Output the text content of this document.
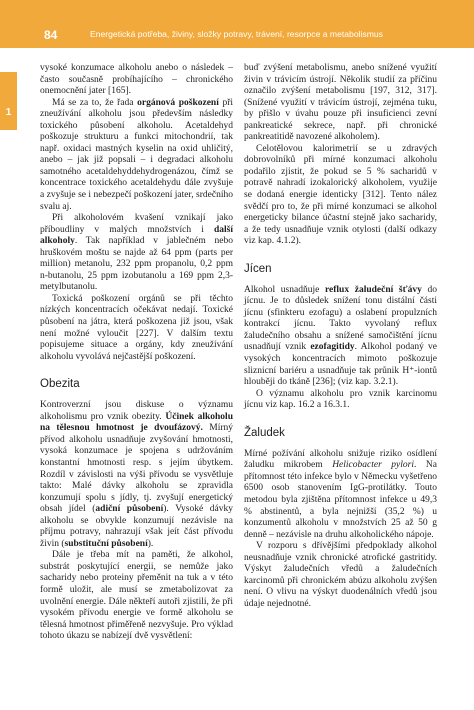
84	Energetická potřeba, živiny, složky potravy, trávení, resorpce a metabolismus
1

vysoké konzumace alkoholu anebo o následek – často současně probíhajícího – chronického onemocnění jater [165].

Má se za to, že řada orgánová poškození při zneužívání alkoholu jsou především následky toxického působení alkoholu. Acetaldehyd poškozuje strukturu a funkci mitochondrií, tak např. oxidaci mastných kyselin na oxid uhličitý, anebo – jak již popsali – i degradaci alkoholu samotného acetaldehyddehydrogenázou, čímž se koncentrace toxického acetaldehydu dále zvyšuje a zvyšuje se i nebezpečí poškození jater, srdečního svalu aj.

Při alkoholovém kvašení vznikají jako příboudliny v malých množstvích i další alkoholy. Tak například v jablečném nebo hruškovém moštu se najde až 64 ppm (parts per million) metanolu, 232 ppm propanolu, 0,2 ppm n-butanolu, 25 ppm izobutanolu a 169 ppm 2,3-metylbutanolu.

Toxická poškození orgánů se při těchto nízkých koncentracích očekávat nedají. Toxické působení na játra, která poškozena již jsou, však není možné vyloučit [227]. V dalším textu popisujeme situace a orgány, kdy zneužívání alkoholu vyvolává nejčastější poškození.

Obezita

Kontroverzní jsou diskuse o významu alkoholismu pro vznik obezity. Účinek alkoholu na tělesnou hmotnost je dvoufázový. Mírný přívod alkoholu usnadňuje zvyšování hmotnosti, vysoká konzumace je spojena s udržováním konstantní hmotnosti resp. s jejím úbytkem. Rozdíl v závislosti na výši přívodu se vysvětluje takto: Malé dávky alkoholu se zpravidla konzumují spolu s jídly, tj. zvyšují energetický obsah jídel (adiční působení). Vysoké dávky alkoholu se obvykle konzumují nezávisle na příjmu potravy, nahrazují však jeít část přívodu živin (substituční působení).

Dále je třeba mít na paměti, že alkohol, substrát poskytující energii, se nemůže jako sacharidy nebo proteiny přeměnit na tuk a v této formě uložit, ale musí se zmetabolizovat za uvolnění energie. Dále někteří autoři zjistili, že při vysokém přívodu energie ve formě alkoholu se tělesná hmotnost přiměřeně nezvyšuje. Pro výklad tohoto úkazu se nabízejí dvě vysvětlení:

buď zvýšení metabolismu, anebo snížené využití živin v trávicím ústrojí. Několik studií za příčinu označilo zvýšení metabolismu [197, 312, 317]. (Snížené využití v trávicím ústrojí, zejména tuku, by přišlo v úvahu pouze při insuficienci zevní pankreatické sekrece, např. při chronické pankreatitidě navozené alkoholem).

Celotělovou kalorimetrií se u zdravých dobrovolníků při mírné konzumaci alkoholu podařilo zjistit, že pokud se 5 % sacharidů v potravě nahradí izokalorický alkoholem, využije se dodaná energie identicky [312]. Tento nález svědčí pro to, že při mírné konzumaci se alkohol energeticky bilance účastní stejně jako sacharidy, a že tedy usnadňuje vznik otylosti (další odkazy viz kap. 4.1.2).

Jícen

Alkohol usnadňuje reflux žaludeční šťávy do jícnu. Je to důsledek snížení tonu distální části jícnu (sfinkteru ezofagu) a oslabení propulzních kontrakcí jícnu. Takto vyvolaný reflux žaludečního obsahu a snížené samočištění jícnu usnadňují vznik ezofagitidy. Alkohol podaný ve vysokých koncentracích mimoto poškozuje sliznicní bariéru a usnadňuje tak průnik H⁺-iontů hlouběji do tkáně [236]; (viz kap. 3.2.1).

O významu alkoholu pro vznik karcinomu jícnu viz kap. 16.2 a 16.3.1.

Žaludek

Mírné požívání alkoholu snižuje riziko osídlení žaludku mikrobem Helicobacter pylori. Na přítomnost této infekce bylo v Německu vyšetřeno 6500 osob stanovením IgG-protilátky. Touto metodou byla zjištěna přítomnost infekce u 49,3 % abstinentů, a byla nejnižší (35,2 %) u konzumentů alkoholu v množstvích 25 až 50 g denně – nezávisle na druhu alkoholického nápoje.

V rozporu s dřívějšími předpoklady alkohol neusnadňuje vznik chronické atrofické gastritidy. Výskyt žaludečních vředů a žaludečních karcinomů při chronickém abúzu alkoholu zvýšen není. O vlivu na výskyt duodenálních vředů jsou údaje nejednotné.
